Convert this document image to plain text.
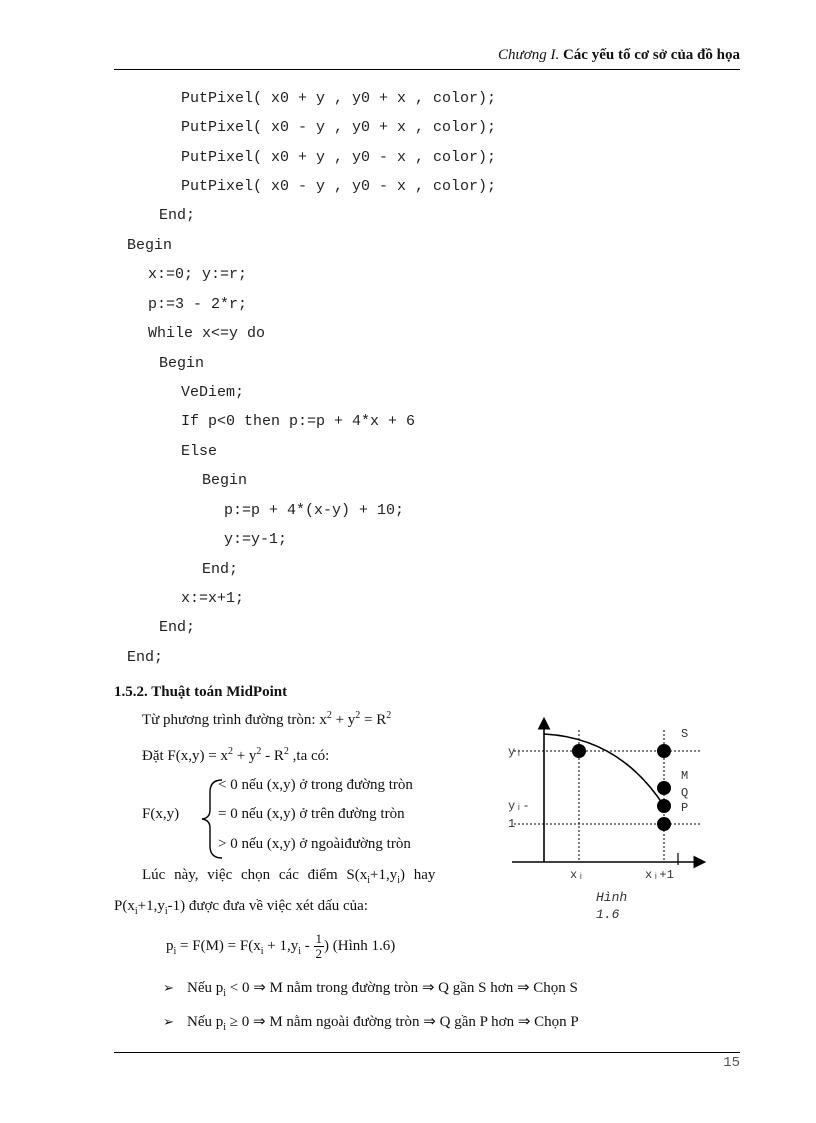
Chương I. Các yếu tố cơ sở của đồ họa
PutPixel( x0 + y , y0 + x , color);
PutPixel( x0 - y , y0 + x , color);
PutPixel( x0 + y , y0 - x , color);
PutPixel( x0 - y , y0 - x , color);
End;
Begin
x:=0; y:=r;
p:=3 - 2*r;
While x<=y do
Begin
VeDiem;
If p<0 then p:=p + 4*x + 6
Else
Begin
p:=p + 4*(x-y) + 10;
y:=y-1;
End;
x:=x+1;
End;
End;
1.5.2. Thuật toán MidPoint
Từ phương trình đường tròn: $x^2 + y^2 = R^2$
Đặt $F(x,y) = x^2 + y^2 - R^2$ ,ta có:
F(x,y)
< 0 nếu (x,y) ở trong đường tròn
= 0 nếu (x,y) ở trên đường tròn
> 0 nếu (x,y) ở ngoàiđường tròn
Lúc này, việc chọn các điểm $S(x_i+1,y_i)$ hay
$P(x_i+1,y_i-1)$ được đưa về việc xét dấu của:
$p_i = F(M) = F(x_i + 1,y_i - \frac{1}{2}$ ) (Hình 1.6)
➢ Nếu $p_i < 0$ ⇒ M nằm trong đường tròn ⇒ Q gần S hơn ⇒ Chọn S
➢ Nếu $p_i \ge 0$ ⇒ M nằm ngoài đường tròn ⇒ Q gần P hơn ⇒ Chọn P
S
M
Q
P
yᵢ
yᵢ-
1
xᵢ	xᵢ+1
Hình
1.6
15
